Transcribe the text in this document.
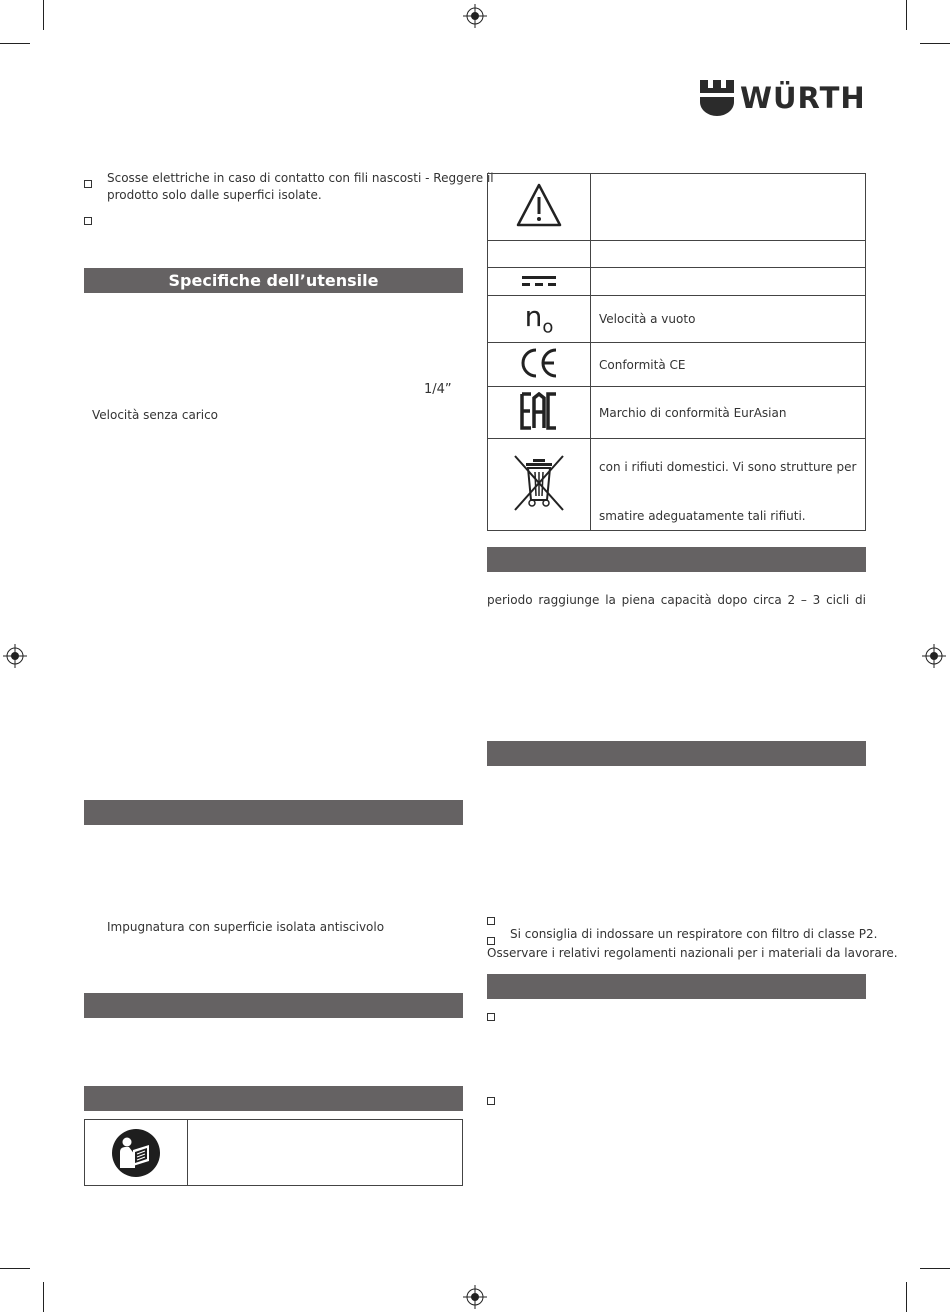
WÜRTH
Scosse elettriche in caso di contatto con fili nascosti - Reggere il
prodotto solo dalle superfici isolate.
Specifiche dell’utensile
1/4”
Velocità senza carico
Impugnatura con superficie isolata antiscivolo

$n_o$	Velocità a vuoto
	Conformità CE
	Marchio di conformità EurAsian

con i rifiuti domestici. Vi sono strutture per
smatire adeguatamente tali rifiuti.
periodo raggiunge la piena capacità dopo circa 2 – 3 cicli di
Si consiglia di indossare un respiratore con filtro di classe P2.
Osservare i relativi regolamenti nazionali per i materiali da lavorare.
